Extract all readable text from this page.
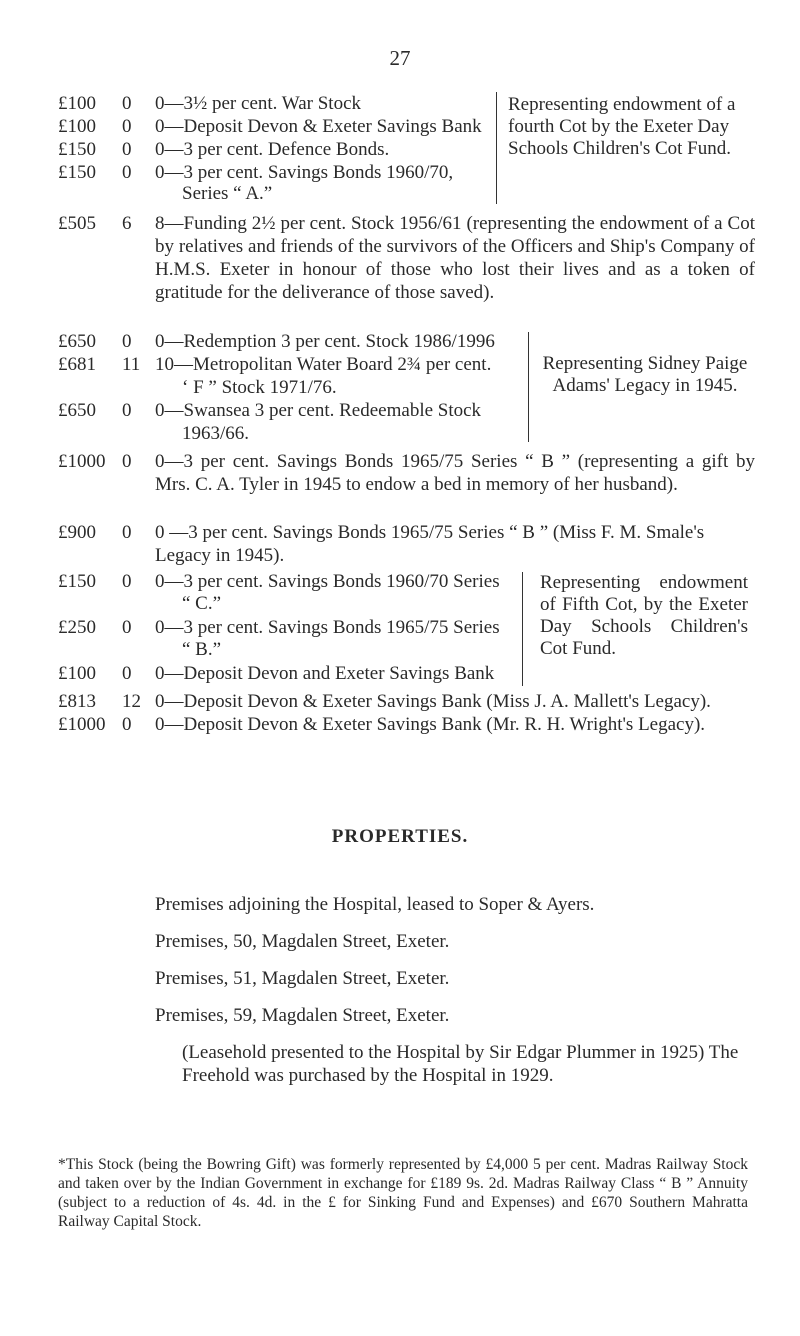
27
£100 0 0—3½ per cent. War Stock
£100 0 0—Deposit Devon & Exeter Savings Bank
£150 0 0—3 per cent. Defence Bonds.
£150 0 0—3 per cent. Savings Bonds 1960/70,
Series “ A.”
Representing endowment of a fourth Cot by the Exeter Day Schools Children's Cot Fund.
£505 6 8—Funding 2½ per cent. Stock 1956/61 (representing the endowment of a Cot by relatives and friends of the survivors of the Officers and Ship's Company of H.M.S. Exeter in honour of those who lost their lives and as a token of gratitude for the deliverance of those saved).
£650 0 0—Redemption 3 per cent. Stock 1986/1996
£681 11 10—Metropolitan Water Board 2¾ per cent.
‘ F ” Stock 1971/76.
£650 0 0—Swansea 3 per cent. Redeemable Stock
1963/66.
Representing Sidney Paige Adams' Legacy in 1945.
£1000 0 0—3 per cent. Savings Bonds 1965/75 Series “ B ” (representing a gift by Mrs. C. A. Tyler in 1945 to endow a bed in memory of her husband).
£900 0 0 —3 per cent. Savings Bonds 1965/75 Series “ B ” (Miss F. M. Smale's Legacy in 1945).
£150 0 0—3 per cent. Savings Bonds 1960/70 Series
“ C.”
£250 0 0—3 per cent. Savings Bonds 1965/75 Series
“ B.”
£100 0 0—Deposit Devon and Exeter Savings Bank
Representing endowment of Fifth Cot, by the Exeter Day Schools Children's Cot Fund.
£813 12 0—Deposit Devon & Exeter Savings Bank (Miss J. A. Mallett's Legacy).
£1000 0 0—Deposit Devon & Exeter Savings Bank (Mr. R. H. Wright's Legacy).
PROPERTIES.
Premises adjoining the Hospital, leased to Soper & Ayers.
Premises, 50, Magdalen Street, Exeter.
Premises, 51, Magdalen Street, Exeter.
Premises, 59, Magdalen Street, Exeter.
(Leasehold presented to the Hospital by Sir Edgar Plummer in 1925) The Freehold was purchased by the Hospital in 1929.
*This Stock (being the Bowring Gift) was formerly represented by £4,000 5 per cent. Madras Railway Stock and taken over by the Indian Government in exchange for £189 9s. 2d. Madras Railway Class “ B ” Annuity (subject to a reduction of 4s. 4d. in the £ for Sinking Fund and Expenses) and £670 Southern Mahratta Railway Capital Stock.
